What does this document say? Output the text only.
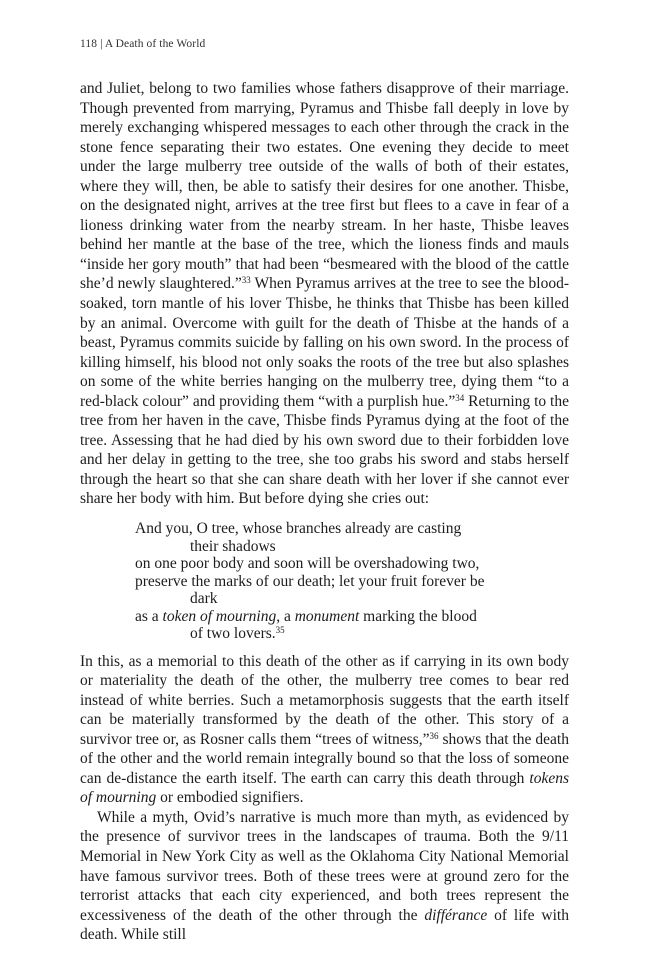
118 | A Death of the World

and Juliet, belong to two families whose fathers disapprove of their marriage. Though prevented from marrying, Pyramus and Thisbe fall deeply in love by merely exchanging whispered messages to each other through the crack in the stone fence separating their two estates. One evening they decide to meet under the large mulberry tree outside of the walls of both of their estates, where they will, then, be able to satisfy their desires for one another. Thisbe, on the designated night, arrives at the tree first but flees to a cave in fear of a lioness drinking water from the nearby stream. In her haste, Thisbe leaves behind her mantle at the base of the tree, which the lioness finds and mauls “inside her gory mouth” that had been “besmeared with the blood of the cattle she’d newly slaughtered.”$^{33}$ When Pyramus arrives at the tree to see the blood-soaked, torn mantle of his lover Thisbe, he thinks that Thisbe has been killed by an animal. Overcome with guilt for the death of Thisbe at the hands of a beast, Pyramus commits suicide by falling on his own sword. In the process of killing himself, his blood not only soaks the roots of the tree but also splashes on some of the white berries hanging on the mulberry tree, dying them “to a red-black colour” and providing them “with a purplish hue.”$^{34}$ Returning to the tree from her haven in the cave, Thisbe finds Pyramus dying at the foot of the tree. Assessing that he had died by his own sword due to their forbidden love and her delay in getting to the tree, she too grabs his sword and stabs herself through the heart so that she can share death with her lover if she cannot ever share her body with him. But before dying she cries out:

And you, O tree, whose branches already are casting
their shadows
on one poor body and soon will be overshadowing two,
preserve the marks of our death; let your fruit forever be
dark
as a token of mourning, a monument marking the blood
of two lovers.$^{35}$

In this, as a memorial to this death of the other as if carrying in its own body or materiality the death of the other, the mulberry tree comes to bear red instead of white berries. Such a metamorphosis suggests that the earth itself can be materially transformed by the death of the other. This story of a survivor tree or, as Rosner calls them “trees of witness,”$^{36}$ shows that the death of the other and the world remain integrally bound so that the loss of someone can de-distance the earth itself. The earth can carry this death through tokens of mourning or embodied signifiers.

While a myth, Ovid’s narrative is much more than myth, as evidenced by the presence of survivor trees in the landscapes of trauma. Both the 9/11 Memorial in New York City as well as the Oklahoma City National Memorial have famous survivor trees. Both of these trees were at ground zero for the terrorist attacks that each city experienced, and both trees represent the excessiveness of the death of the other through the différance of life with death. While still
